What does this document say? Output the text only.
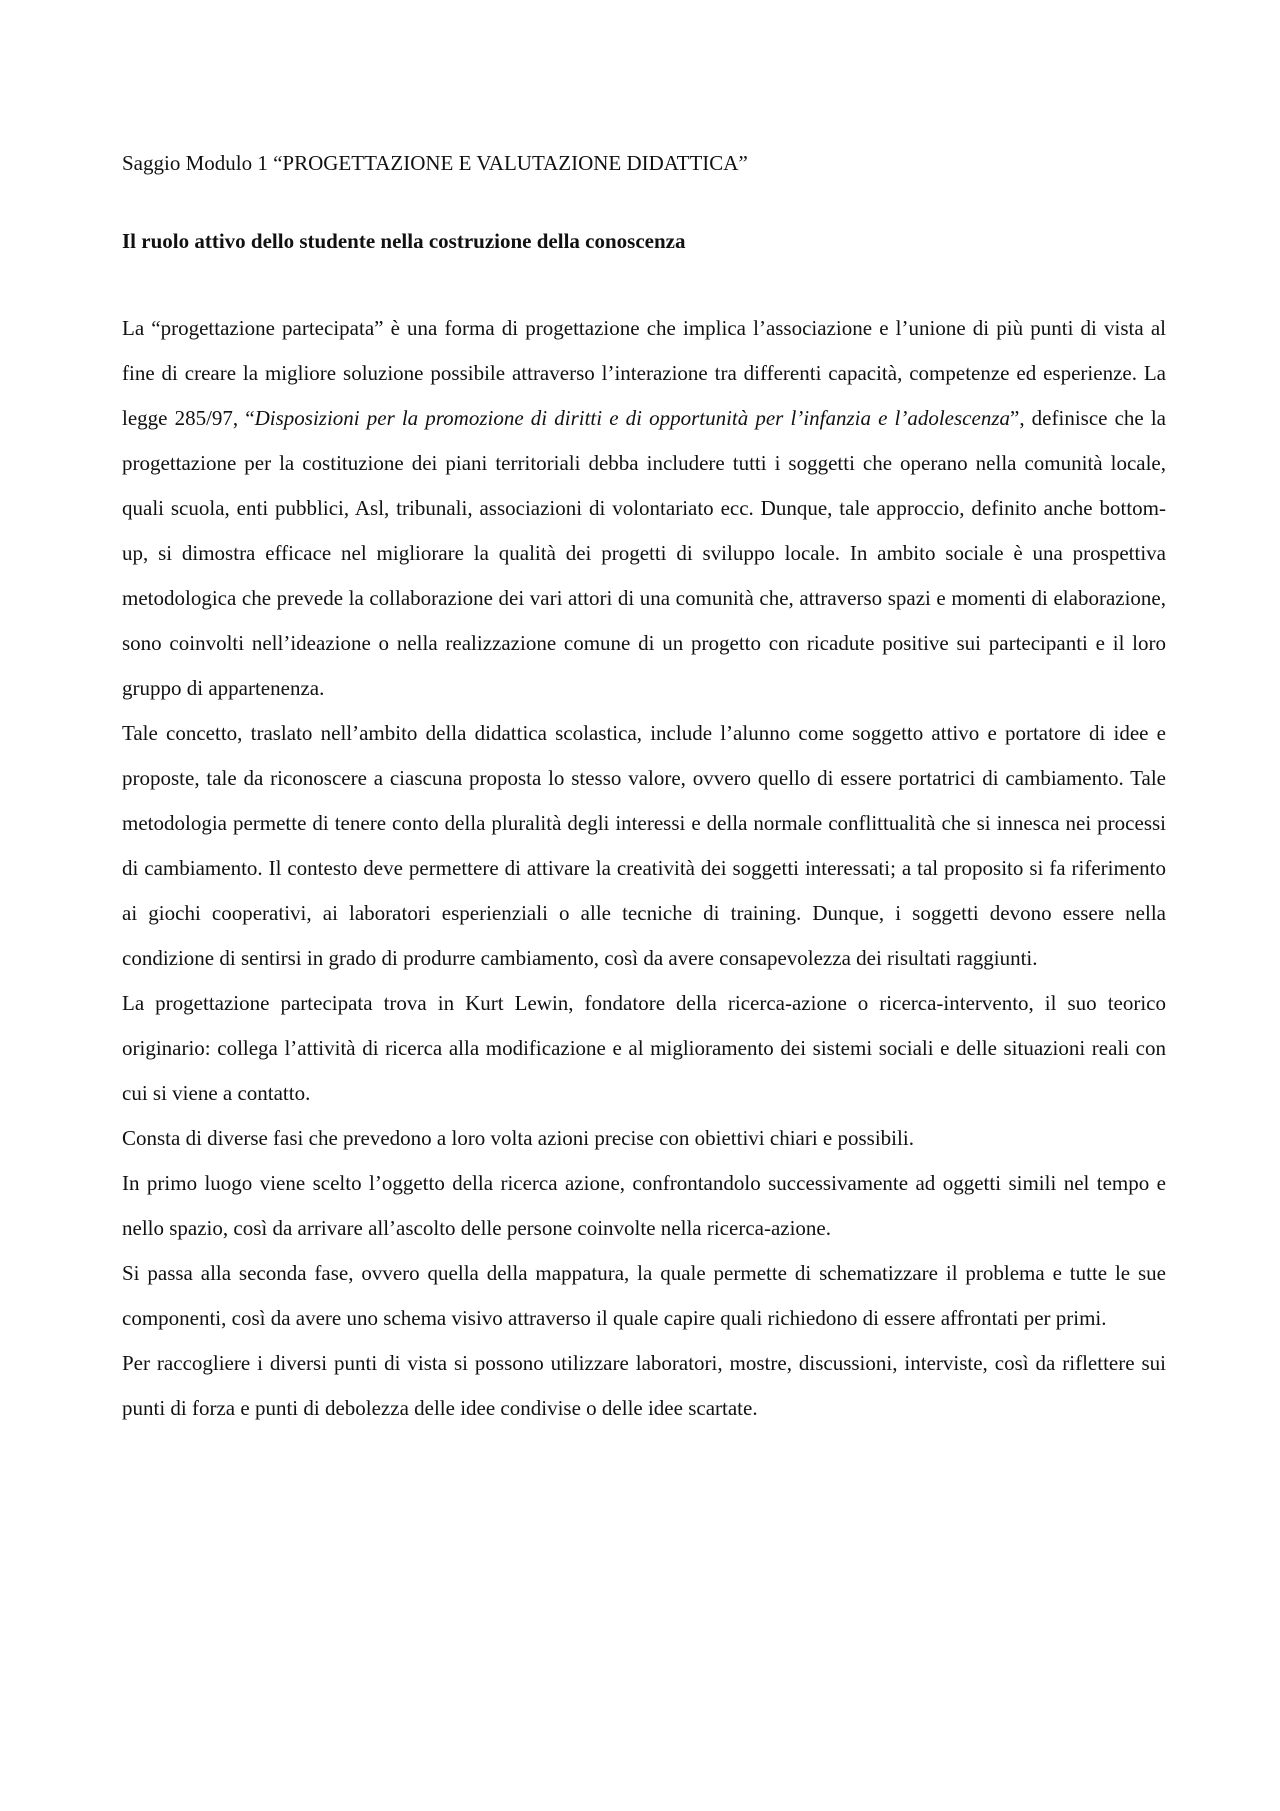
Saggio Modulo 1 “PROGETTAZIONE E VALUTAZIONE DIDATTICA”

Il ruolo attivo dello studente nella costruzione della conoscenza

La “progettazione partecipata” è una forma di progettazione che implica l’associazione e l’unione di più punti di vista al fine di creare la migliore soluzione possibile attraverso l’interazione tra differenti capacità, competenze ed esperienze. La legge 285/97, “Disposizioni per la promozione di diritti e di opportunità per l’infanzia e l’adolescenza”, definisce che la progettazione per la costituzione dei piani territoriali debba includere tutti i soggetti che operano nella comunità locale, quali scuola, enti pubblici, Asl, tribunali, associazioni di volontariato ecc. Dunque, tale approccio, definito anche bottom-up, si dimostra efficace nel migliorare la qualità dei progetti di sviluppo locale. In ambito sociale è una prospettiva metodologica che prevede la collaborazione dei vari attori di una comunità che, attraverso spazi e momenti di elaborazione, sono coinvolti nell’ideazione o nella realizzazione comune di un progetto con ricadute positive sui partecipanti e il loro gruppo di appartenenza.

Tale concetto, traslato nell’ambito della didattica scolastica, include l’alunno come soggetto attivo e portatore di idee e proposte, tale da riconoscere a ciascuna proposta lo stesso valore, ovvero quello di essere portatrici di cambiamento. Tale metodologia permette di tenere conto della pluralità degli interessi e della normale conflittualità che si innesca nei processi di cambiamento. Il contesto deve permettere di attivare la creatività dei soggetti interessati; a tal proposito si fa riferimento ai giochi cooperativi, ai laboratori esperienziali o alle tecniche di training. Dunque, i soggetti devono essere nella condizione di sentirsi in grado di produrre cambiamento, così da avere consapevolezza dei risultati raggiunti.

La progettazione partecipata trova in Kurt Lewin, fondatore della ricerca-azione o ricerca-intervento, il suo teorico originario: collega l’attività di ricerca alla modificazione e al miglioramento dei sistemi sociali e delle situazioni reali con cui si viene a contatto.

Consta di diverse fasi che prevedono a loro volta azioni precise con obiettivi chiari e possibili.

In primo luogo viene scelto l’oggetto della ricerca azione, confrontandolo successivamente ad oggetti simili nel tempo e nello spazio, così da arrivare all’ascolto delle persone coinvolte nella ricerca-azione.

Si passa alla seconda fase, ovvero quella della mappatura, la quale permette di schematizzare il problema e tutte le sue componenti, così da avere uno schema visivo attraverso il quale capire quali richiedono di essere affrontati per primi.

Per raccogliere i diversi punti di vista si possono utilizzare laboratori, mostre, discussioni, interviste, così da riflettere sui punti di forza e punti di debolezza delle idee condivise o delle idee scartate.
